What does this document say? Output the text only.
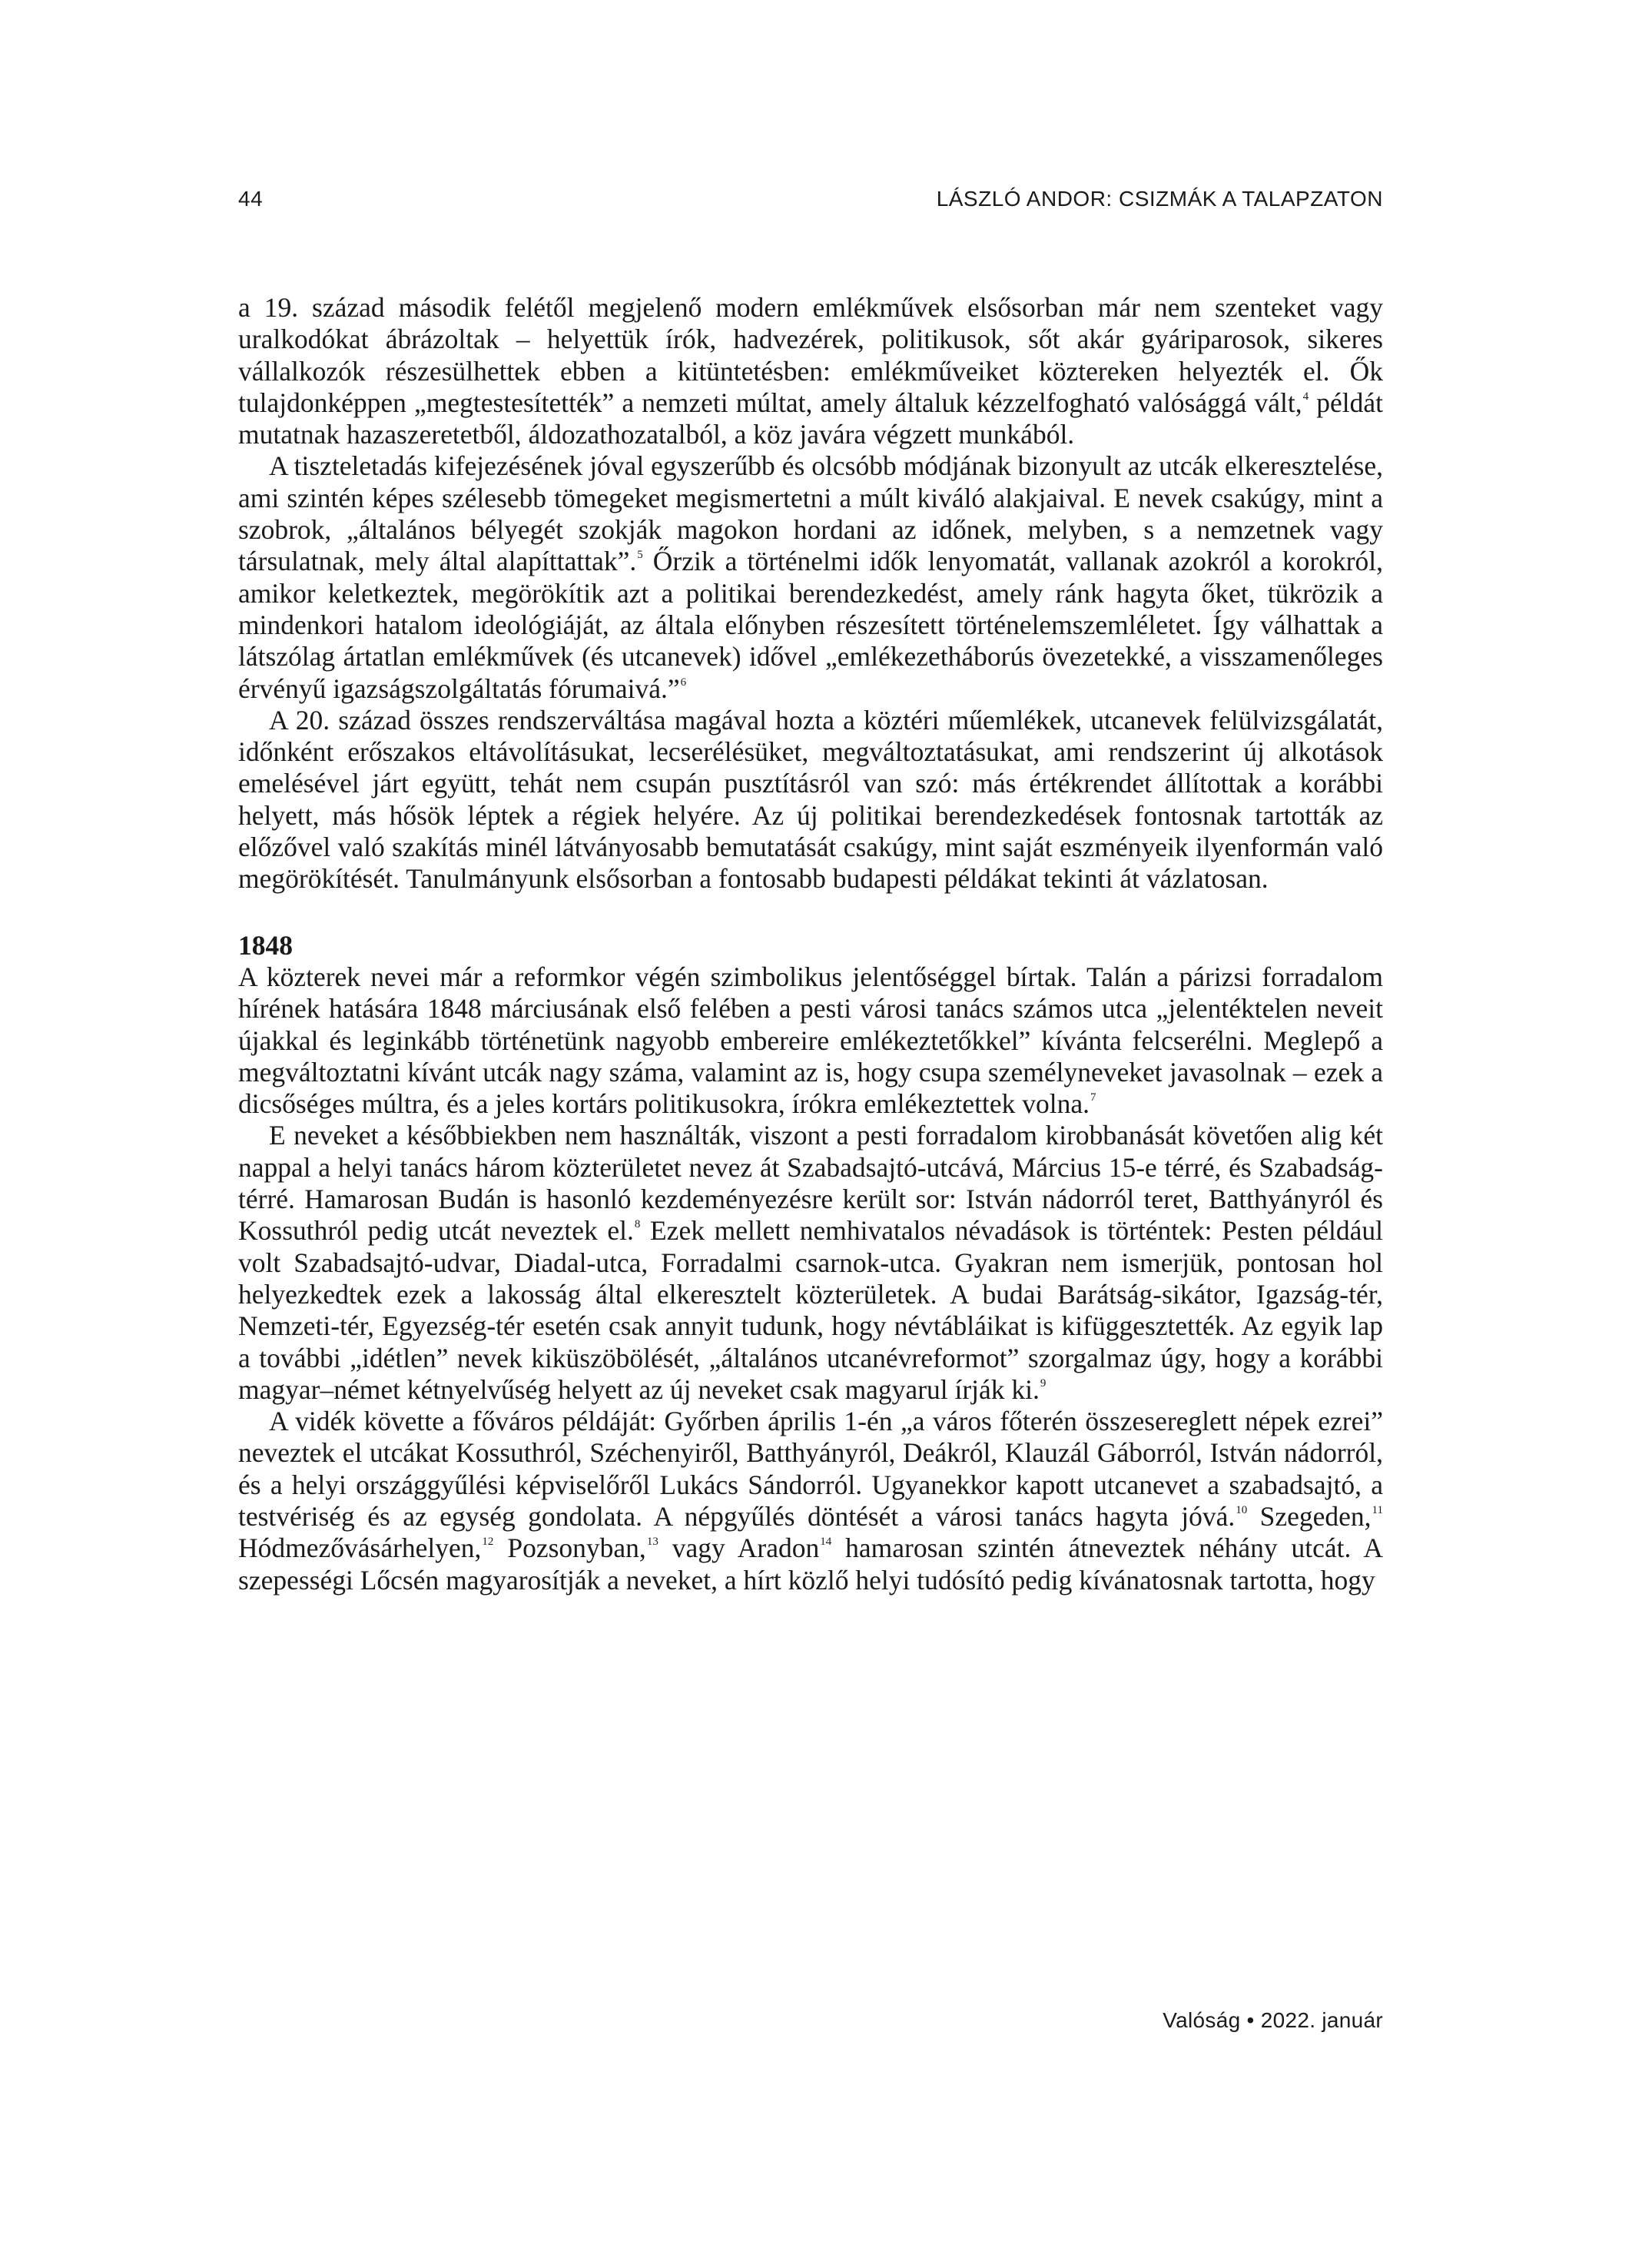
44	LÁSZLÓ ANDOR: CSIZMÁK A TALAPZATON

a 19. század második felétől megjelenő modern emlékművek elsősorban már nem szenteket vagy uralkodókat ábrázoltak – helyettük írók, hadvezérek, politikusok, sőt akár gyáriparosok, sikeres vállalkozók részesülhettek ebben a kitüntetésben: emlékműveiket köztereken helyezték el. Ők tulajdonképpen „megtestesítették” a nemzeti múltat, amely általuk kézzelfogható valósággá vált,$^4$ példát mutatnak hazaszeretetből, áldozathozatalból, a köz javára végzett munkából.

A tiszteletadás kifejezésének jóval egyszerűbb és olcsóbb módjának bizonyult az utcák elkeresztelése, ami szintén képes szélesebb tömegeket megismertetni a múlt kiváló alakjaival. E nevek csakúgy, mint a szobrok, „általános bélyegét szokják magokon hordani az időnek, melyben, s a nemzetnek vagy társulatnak, mely által alapíttattak”.$^5$ Őrzik a történelmi idők lenyomatát, vallanak azokról a korokról, amikor keletkeztek, megörökítik azt a politikai berendezkedést, amely ránk hagyta őket, tükrözik a mindenkori hatalom ideológiáját, az általa előnyben részesített történelemszemléletet. Így válhattak a látszólag ártatlan emlékművek (és utcanevek) idővel „emlékezetháborús övezetekké, a visszamenőleges érvényű igazságszolgáltatás fórumaivá.”$^6$

A 20. század összes rendszerváltása magával hozta a köztéri műemlékek, utcanevek felülvizsgálatát, időnként erőszakos eltávolításukat, lecserélésüket, megváltoztatásukat, ami rendszerint új alkotások emelésével járt együtt, tehát nem csupán pusztításról van szó: más értékrendet állítottak a korábbi helyett, más hősök léptek a régiek helyére. Az új politikai berendezkedések fontosnak tartották az előzővel való szakítás minél látványosabb bemutatását csakúgy, mint saját eszményeik ilyenformán való megörökítését. Tanulmányunk elsősorban a fontosabb budapesti példákat tekinti át vázlatosan.

1848

A közterek nevei már a reformkor végén szimbolikus jelentőséggel bírtak. Talán a párizsi forradalom hírének hatására 1848 márciusának első felében a pesti városi tanács számos utca „jelentéktelen neveit újakkal és leginkább történetünk nagyobb embereire emlékeztetőkkel” kívánta felcserélni. Meglepő a megváltoztatni kívánt utcák nagy száma, valamint az is, hogy csupa személyneveket javasolnak – ezek a dicsőséges múltra, és a jeles kortárs politikusokra, írókra emlékeztettek volna.$^7$

E neveket a későbbiekben nem használták, viszont a pesti forradalom kirobbanását követően alig két nappal a helyi tanács három közterületet nevez át Szabadsajtó-utcává, Március 15-e térré, és Szabadság-térré. Hamarosan Budán is hasonló kezdeményezésre került sor: István nádorról teret, Batthyányról és Kossuthról pedig utcát neveztek el.$^8$ Ezek mellett nemhivatalos névadások is történtek: Pesten például volt Szabadsajtó-udvar, Diadal-utca, Forradalmi csarnok-utca. Gyakran nem ismerjük, pontosan hol helyezkedtek ezek a lakosság által elkeresztelt közterületek. A budai Barátság-sikátor, Igazság-tér, Nemzeti-tér, Egyezség-tér esetén csak annyit tudunk, hogy névtábláikat is kifüggesztették. Az egyik lap a további „idétlen” nevek kiküszöbölését, „általános utcanévreformot” szorgalmaz úgy, hogy a korábbi magyar–német kétnyelvűség helyett az új neveket csak magyarul írják ki.$^9$

A vidék követte a főváros példáját: Győrben április 1-én „a város főterén összesereglett népek ezrei” neveztek el utcákat Kossuthról, Széchenyiről, Batthyányról, Deákról, Klauzál Gáborról, István nádorról, és a helyi országgyűlési képviselőről Lukács Sándorról. Ugyanekkor kapott utcanevet a szabadsajtó, a testvériség és az egység gondolata. A népgyűlés döntését a városi tanács hagyta jóvá.$^{10}$ Szegeden,$^{11}$ Hódmezővásárhelyen,$^{12}$ Pozsonyban,$^{13}$ vagy Aradon$^{14}$ hamarosan szintén átneveztek néhány utcát. A szepességi Lőcsén magyarosítják a neveket, a hírt közlő helyi tudósító pedig kívánatosnak tartotta, hogy

Valóság • 2022. január
